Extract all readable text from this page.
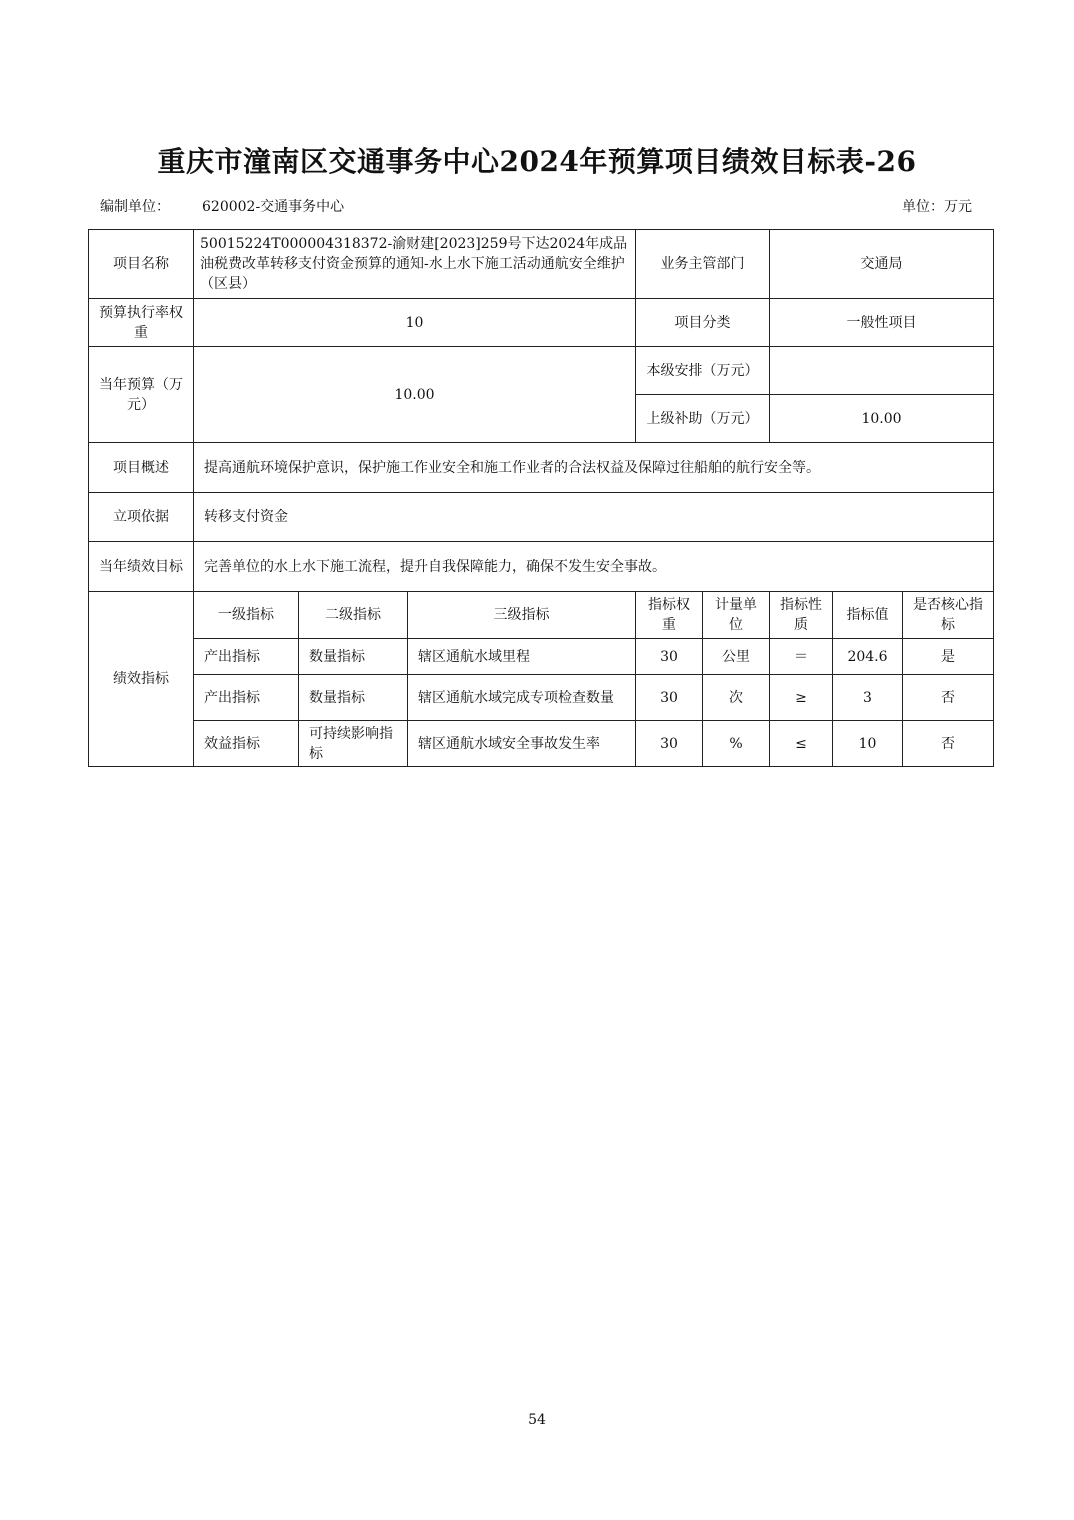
重庆市潼南区交通事务中心2024年预算项目绩效目标表-26
编制单位： 620002-交通事务中心	单位：万元
项目名称	50015224T000004318372-渝财建[2023]259号下达2024年成品油税费改革转移支付资金预算的通知-水上水下施工活动通航安全维护（区县）			业务主管部门		交通局		
预算执行率权重	10			项目分类		一般性项目		
当年预算（万元）	10.00			本级安排（万元）				
				上级补助（万元）		10.00		
项目概述	提高通航环境保护意识，保护施工作业安全和施工作业者的合法权益及保障过往船舶的航行安全等。							
立项依据	转移支付资金							
当年绩效目标	完善单位的水上水下施工流程，提升自我保障能力，确保不发生安全事故。							
绩效指标	一级指标	二级指标	三级指标	指标权重	计量单位	指标性质	指标值	是否核心指标
	产出指标	数量指标	辖区通航水域里程	30	公里	＝	204.6	是
	产出指标	数量指标	辖区通航水域完成专项检查数量	30	次	≥	3	否
	效益指标	可持续影响指标	辖区通航水域安全事故发生率	30	%	≤	10	否
54
